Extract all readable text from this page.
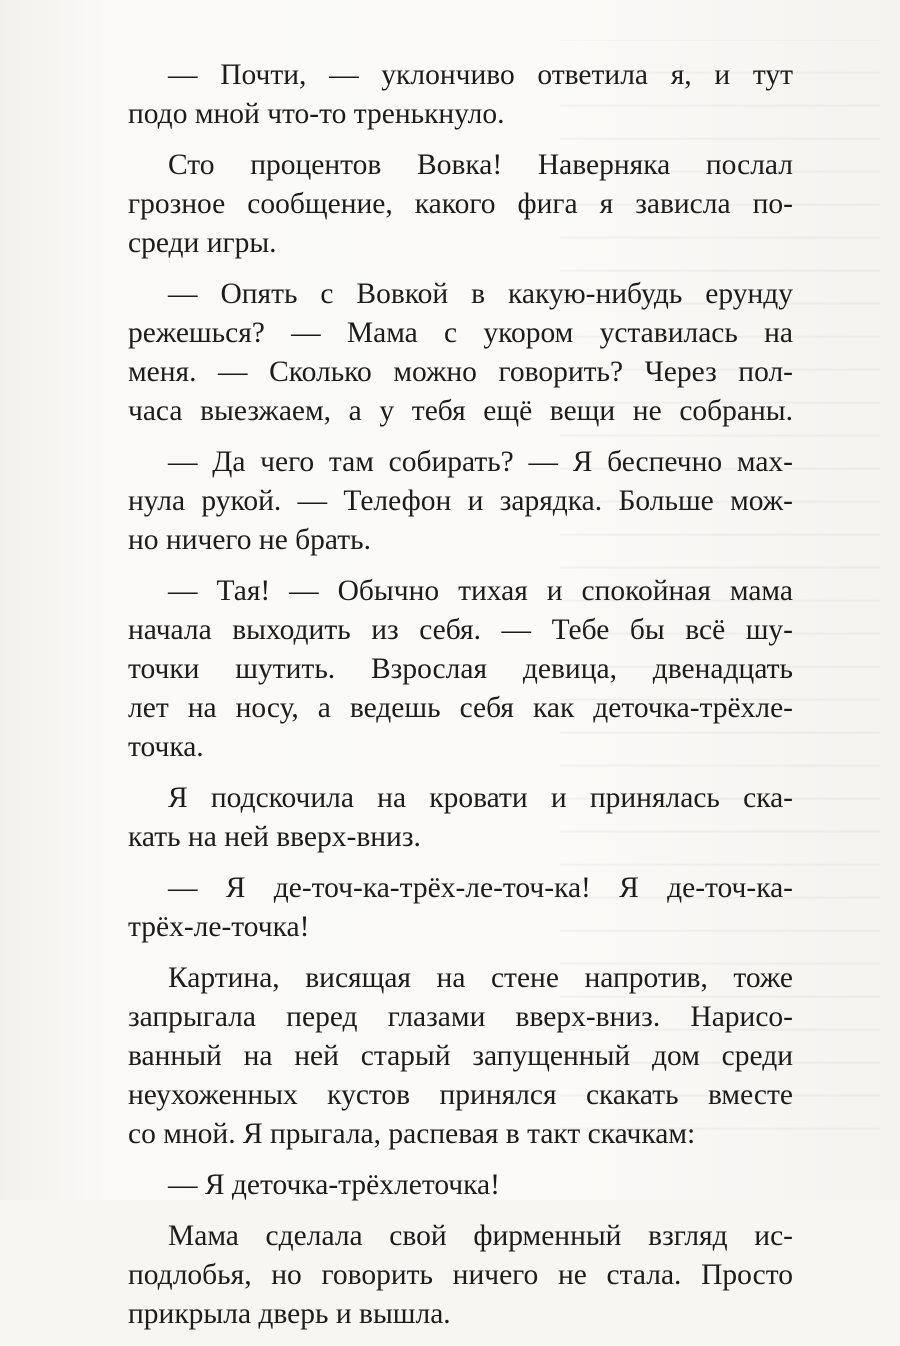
— Почти, — уклончиво ответила я, и тут
подо мной что-то тренькнуло.
Сто процентов Вовка! Наверняка послал
грозное сообщение, какого фига я зависла по-
среди игры.
— Опять с Вовкой в какую-нибудь ерунду
режешься? — Мама с укором уставилась на
меня. — Сколько можно говорить? Через пол-
часа выезжаем, а у тебя ещё вещи не собраны.
— Да чего там собирать? — Я беспечно мах-
нула рукой. — Телефон и зарядка. Больше мож-
но ничего не брать.
— Тая! — Обычно тихая и спокойная мама
начала выходить из себя. — Тебе бы всё шу-
точки шутить. Взрослая девица, двенадцать
лет на носу, а ведешь себя как деточка-трёхле-
точка.
Я подскочила на кровати и принялась ска-
кать на ней вверх-вниз.
— Я де-точ-ка-трёх-ле-точ-ка! Я де-точ-ка-
трёх-ле-точка!
Картина, висящая на стене напротив, тоже
запрыгала перед глазами вверх-вниз. Нарисо-
ванный на ней старый запущенный дом среди
неухоженных кустов принялся скакать вместе
со мной. Я прыгала, распевая в такт скачкам:
— Я деточка-трёхлеточка!
Мама сделала свой фирменный взгляд ис-
подлобья, но говорить ничего не стала. Просто
прикрыла дверь и вышла.
